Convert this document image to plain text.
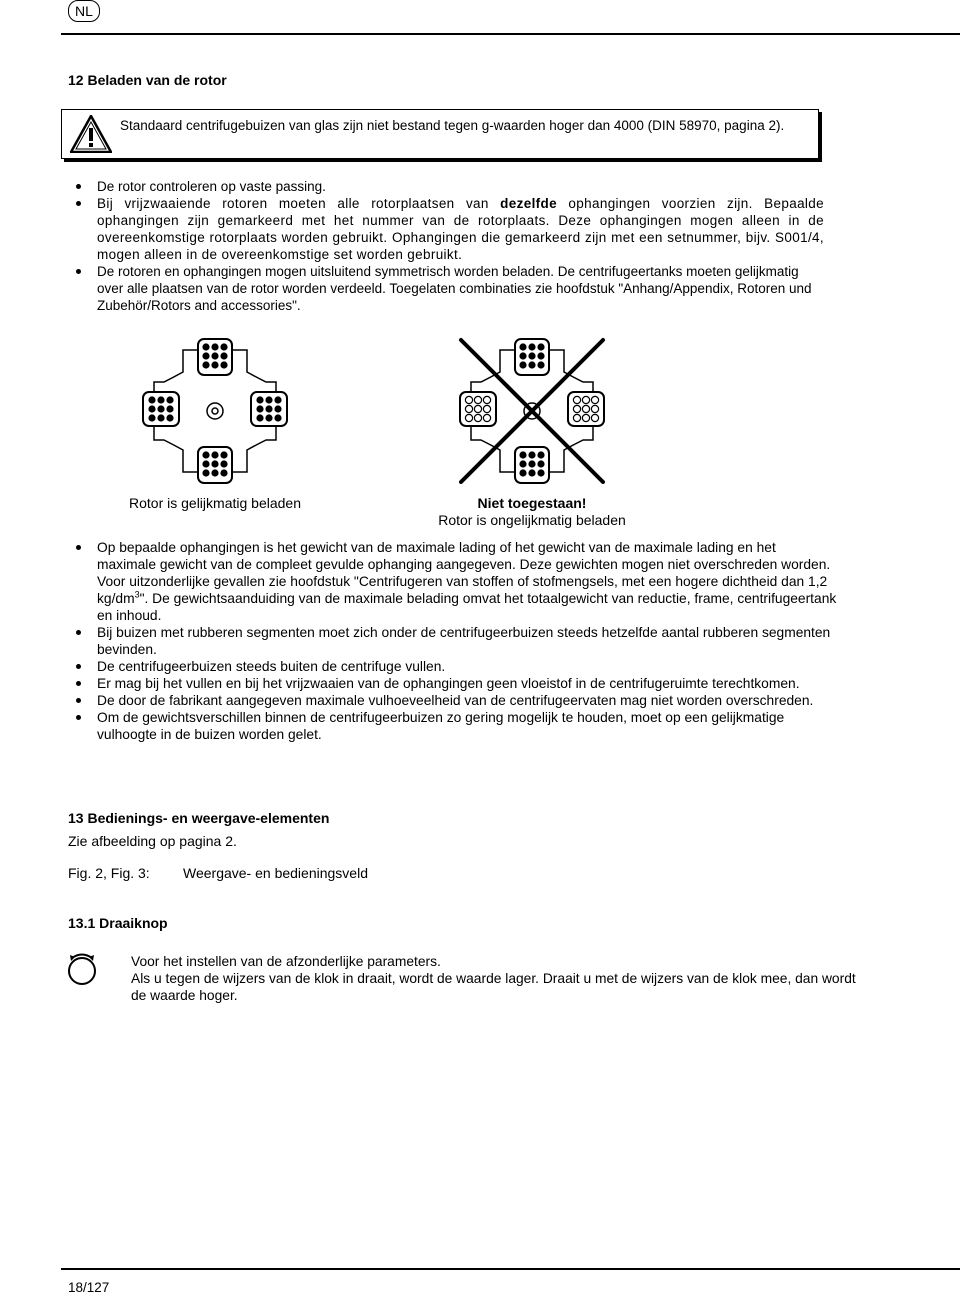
NL
12 Beladen van de rotor
Standaard centrifugebuizen van glas zijn niet bestand tegen g-waarden hoger dan 4000 (DIN 58970, pagina 2).
De rotor controleren op vaste passing.
Bij vrijzwaaiende rotoren moeten alle rotorplaatsen van dezelfde ophangingen voorzien zijn. Bepaalde ophangingen zijn gemarkeerd met het nummer van de rotorplaats. Deze ophangingen mogen alleen in de overeenkomstige rotorplaats worden gebruikt. Ophangingen die gemarkeerd zijn met een setnummer, bijv. S001/4, mogen alleen in de overeenkomstige set worden gebruikt.
De rotoren en ophangingen mogen uitsluitend symmetrisch worden beladen. De centrifugeertanks moeten gelijkmatig over alle plaatsen van de rotor worden verdeeld. Toegelaten combinaties zie hoofdstuk "Anhang/Appendix, Rotoren und Zubehör/Rotors and accessories".
Rotor is gelijkmatig beladen	Niet toegestaan!
Rotor is ongelijkmatig beladen
Op bepaalde ophangingen is het gewicht van de maximale lading of het gewicht van de maximale lading en het maximale gewicht van de compleet gevulde ophanging aangegeven. Deze gewichten mogen niet overschreden worden. Voor uitzonderlijke gevallen zie hoofdstuk "Centrifugeren van stoffen of stofmengsels, met een hogere dichtheid dan 1,2 $kg/dm^3$". De gewichtsaanduiding van de maximale belading omvat het totaalgewicht van reductie, frame, centrifugeertank en inhoud.
Bij buizen met rubberen segmenten moet zich onder de centrifugeerbuizen steeds hetzelfde aantal rubberen segmenten bevinden.
De centrifugeerbuizen steeds buiten de centrifuge vullen.
Er mag bij het vullen en bij het vrijzwaaien van de ophangingen geen vloeistof in de centrifugeruimte terechtkomen.
De door de fabrikant aangegeven maximale vulhoeveelheid van de centrifugeervaten mag niet worden overschreden.
Om de gewichtsverschillen binnen de centrifugeerbuizen zo gering mogelijk te houden, moet op een gelijkmatige vulhoogte in de buizen worden gelet.
13 Bedienings- en weergave-elementen
Zie afbeelding op pagina 2.
Fig. 2, Fig. 3: Weergave- en bedieningsveld
13.1 Draaiknop
Voor het instellen van de afzonderlijke parameters.
Als u tegen de wijzers van de klok in draait, wordt de waarde lager. Draait u met de wijzers van de klok mee, dan wordt de waarde hoger.
18/127
